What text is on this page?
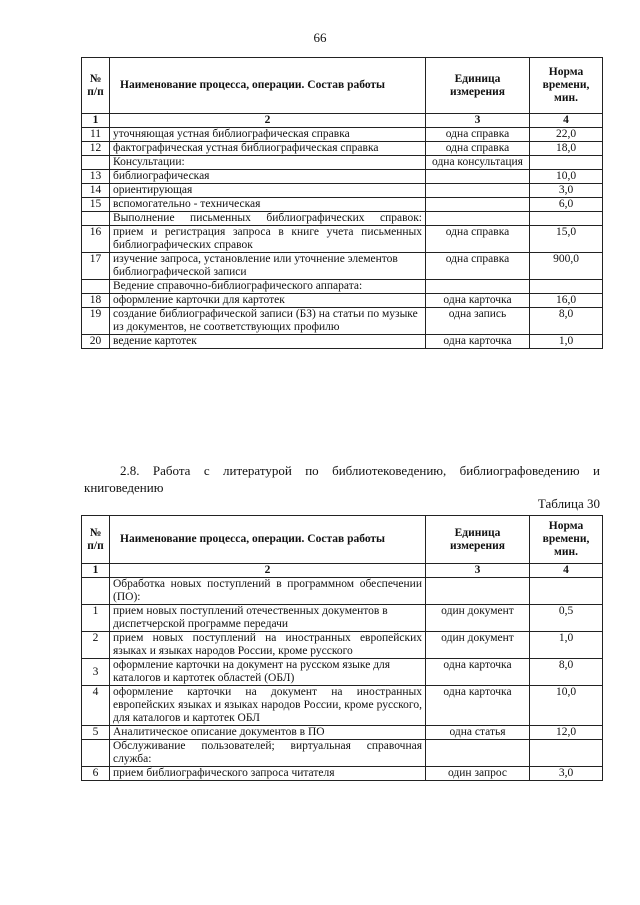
66
№ п/п	Наименование процесса, операции. Состав работы	Единица измерения	Норма времени, мин.
1	2	3	4
11	уточняющая устная библиографическая справка	одна справка	22,0
12	фактографическая устная библиографическая справка	одна справка	18,0
	Консультации:	одна консультация	
13	библиографическая		10,0
14	ориентирующая		3,0
15	вспомогательно - техническая		6,0
	Выполнение письменных библиографических справок:		
16	прием и регистрация запроса в книге учета письменных библиографических справок	одна справка	15,0
17	изучение запроса, установление или уточнение элементов библиографической записи	одна справка	900,0
	Ведение справочно-библиографического аппарата:		
18	оформление карточки для картотек	одна карточка	16,0
19	создание библиографической записи (БЗ) на статьи по музыке из документов, не соответствующих профилю	одна запись	8,0
20	ведение картотек	одна карточка	1,0
2.8. Работа с литературой по библиотековедению, библиографоведению и
книговедению
Таблица 30
№ п/п	Наименование процесса, операции. Состав работы	Единица измерения	Норма времени, мин.
1	2	3	4
	Обработка новых поступлений в программном обеспечении (ПО):		
1	прием новых поступлений отечественных документов в диспетчерской программе передачи	один документ	0,5
2	прием новых поступлений на иностранных европейских языках и языках народов России, кроме русского	один документ	1,0
3	оформление карточки на документ на русском языке для каталогов и картотек областей (ОБЛ)	одна карточка	8,0
4	оформление карточки на документ на иностранных европейских языках и языках народов России, кроме русского, для каталогов и картотек ОБЛ	одна карточка	10,0
5	Аналитическое описание документов в ПО	одна статья	12,0
	Обслуживание пользователей; виртуальная справочная служба:		
6	прием библиографического запроса читателя	один запрос	3,0
